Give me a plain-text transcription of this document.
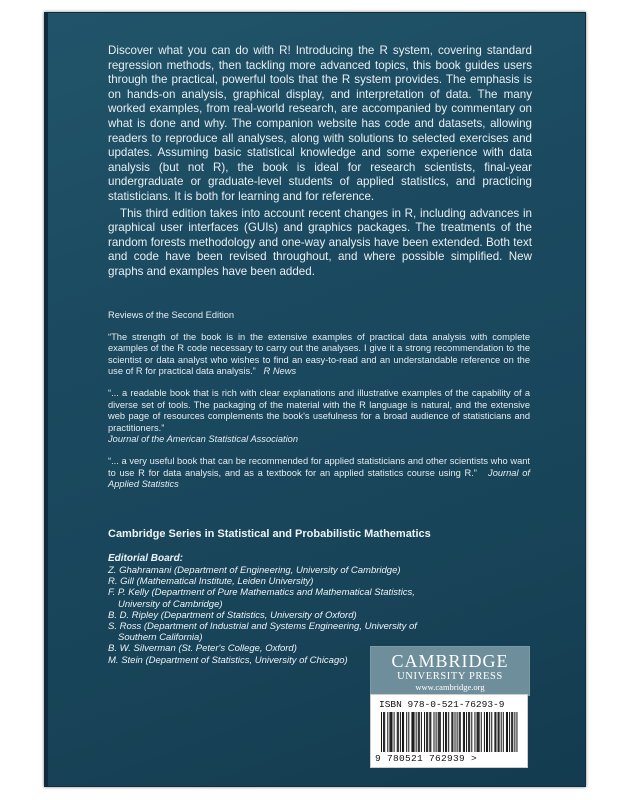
Discover what you can do with R! Introducing the R system, covering standard regression methods, then tackling more advanced topics, this book guides users through the practical, powerful tools that the R system provides. The emphasis is on hands-on analysis, graphical display, and interpretation of data. The many worked examples, from real-world research, are accompanied by commentary on what is done and why. The companion website has code and datasets, allowing readers to reproduce all analyses, along with solutions to selected exercises and updates. Assuming basic statistical knowledge and some experience with data analysis (but not R), the book is ideal for research scientists, final-year undergraduate or graduate-level students of applied statistics, and practicing statisticians. It is both for learning and for reference.

This third edition takes into account recent changes in R, including advances in graphical user interfaces (GUIs) and graphics packages. The treatments of the random forests methodology and one-way analysis have been extended. Both text and code have been revised throughout, and where possible simplified. New graphs and examples have been added.

Reviews of the Second Edition

“The strength of the book is in the extensive examples of practical data analysis with complete examples of the R code necessary to carry out the analyses. I give it a strong recommendation to the scientist or data analyst who wishes to find an easy-to-read and an understandable reference on the use of R for practical data analysis.” R News

“... a readable book that is rich with clear explanations and illustrative examples of the capability of a diverse set of tools. The packaging of the material with the R language is natural, and the extensive web page of resources complements the book's usefulness for a broad audience of statisticians and practitioners.”
Journal of the American Statistical Association

“... a very useful book that can be recommended for applied statisticians and other scientists who want to use R for data analysis, and as a textbook for an applied statistics course using R.” Journal of Applied Statistics

Cambridge Series in Statistical and Probabilistic Mathematics

Editorial Board:

Z. Ghahramani (Department of Engineering, University of Cambridge)

R. Gill (Mathematical Institute, Leiden University)

F. P. Kelly (Department of Pure Mathematics and Mathematical Statistics, University of Cambridge)

B. D. Ripley (Department of Statistics, University of Oxford)

S. Ross (Department of Industrial and Systems Engineering, University of Southern California)

B. W. Silverman (St. Peter's College, Oxford)

M. Stein (Department of Statistics, University of Chicago)	CAMBRIDGE
UNIVERSITY PRESS
www.cambridge.org
ISBN 978-0-521-76293-9
9 780521 762939 >
